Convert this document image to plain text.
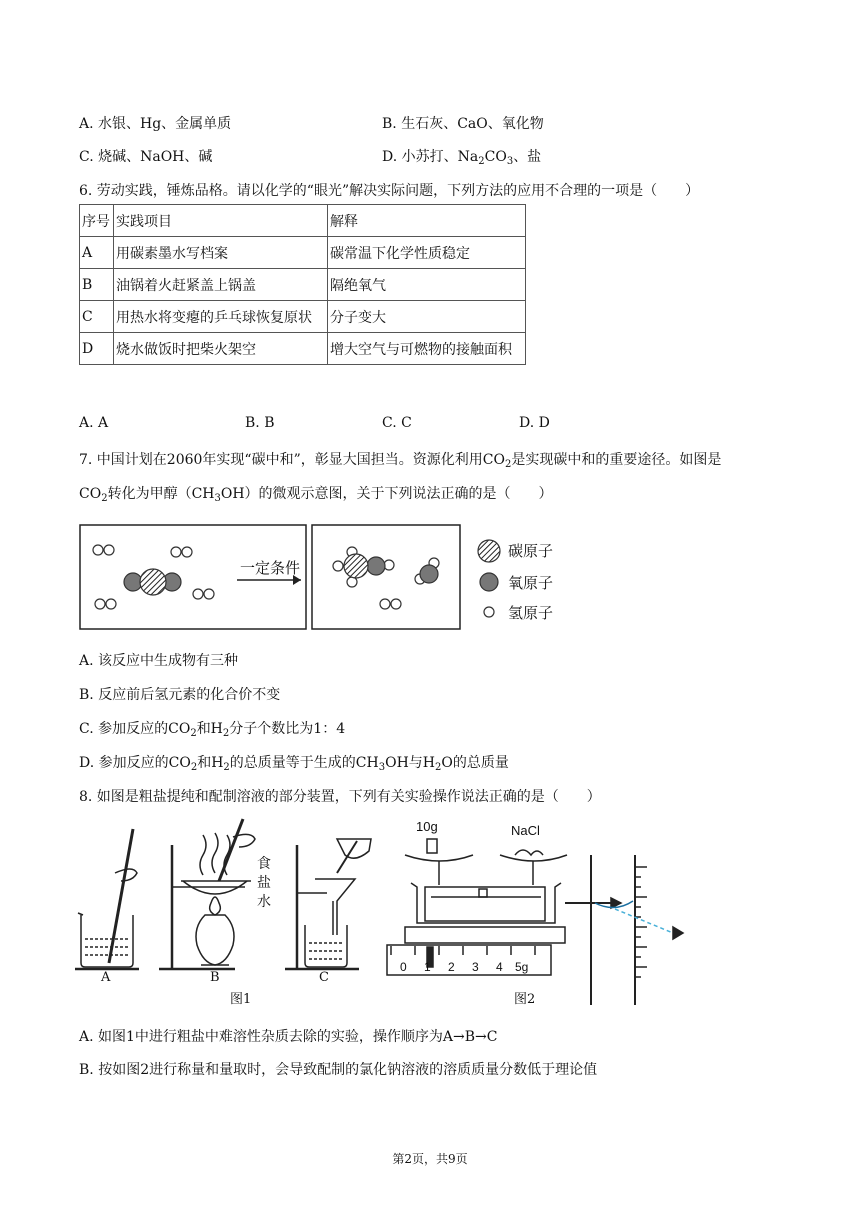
A. 水银、Hg、金属单质	B. 生石灰、CaO、氧化物
C. 烧碱、NaOH、碱	D. 小苏打、$Na_2CO_3$、盐
6. 劳动实践，锤炼品格。请以化学的“眼光”解决实际问题，下列方法的应用不合理的一项是（　　）
序号	实践项目	解释
A	用碳素墨水写档案	碳常温下化学性质稳定
B	油锅着火赶紧盖上锅盖	隔绝氧气
C	用热水将变瘪的乒乓球恢复原状	分子变大
D	烧水做饭时把柴火架空	增大空气与可燃物的接触面积
A. A	B. B	C. C	D. D
7. 中国计划在2060年实现“碳中和”，彰显大国担当。资源化利用$CO_2$是实现碳中和的重要途径。如图是
$CO_2$转化为甲醇$(CH_3OH)$的微观示意图，关于下列说法正确的是（　　）
一定条件
碳原子
氧原子
氢原子
A. 该反应中生成物有三种
B. 反应前后氢元素的化合价不变
C. 参加反应的$CO_2$和$H_2$分子个数比为1：4
D. 参加反应的$CO_2$和$H_2$的总质量等于生成的$CH_3OH$与$H_2O$的总质量
8. 如图是粗盐提纯和配制溶液的部分装置，下列有关实验操作说法正确的是（　　）
A	B	C
食
盐
水
图1	图2
10g	NaCl
0 1 2 3 4 5g
A. 如图1中进行粗盐中难溶性杂质去除的实验，操作顺序为A→B→C
B. 按如图2进行称量和量取时，会导致配制的氯化钠溶液的溶质质量分数低于理论值
第2页，共9页
